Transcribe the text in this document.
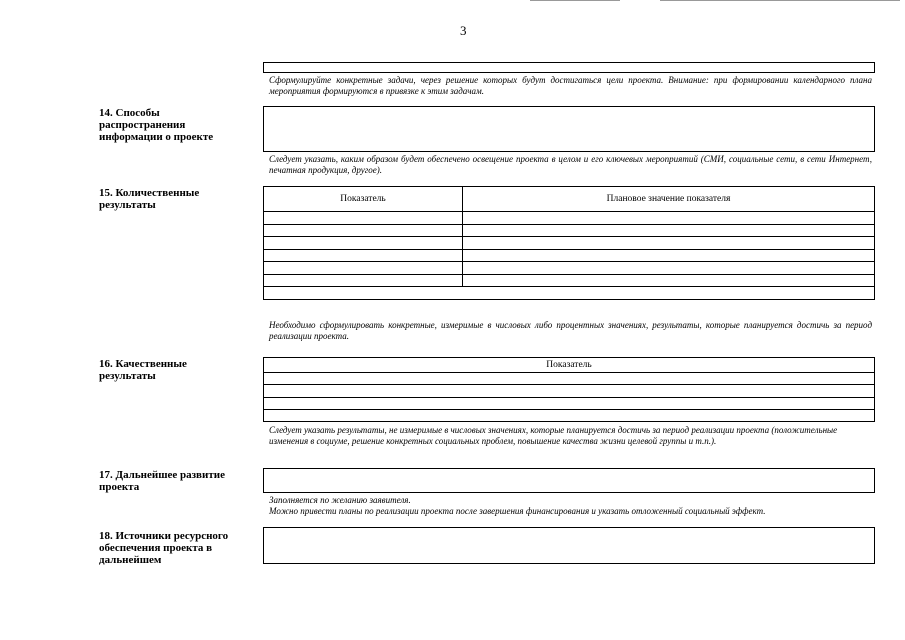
3
Сформулируйте конкретные задачи, через решение которых будут достигаться цели проекта. Внимание: при формировании календарного плана мероприятия формируются в привязке к этим задачам.
14. Способы
распространения
информации о проекте
Следует указать, каким образом будет обеспечено освещение проекта в целом и его ключевых мероприятий (СМИ, социальные сети, в сети Интернет, печатная продукция, другое).
15. Количественные
результаты	Показатель	Плановое значение показателя

Необходимо сформулировать конкретные, измеримые в числовых либо процентных значениях, результаты, которые планируется достичь за период реализации проекта.
16. Качественные
результаты
Показатель

Следует указать результаты, не измеримые в числовых значениях, которые планируется достичь за период реализации проекта (положительные изменения в социуме, решение конкретных социальных проблем, повышение качества жизни целевой группы и т.п.).
17. Дальнейшее развитие
проекта
Заполняется по желанию заявителя.
Можно привести планы по реализации проекта после завершения финансирования и указать отложенный социальный эффект.
18. Источники ресурсного
обеспечения проекта в
дальнейшем
